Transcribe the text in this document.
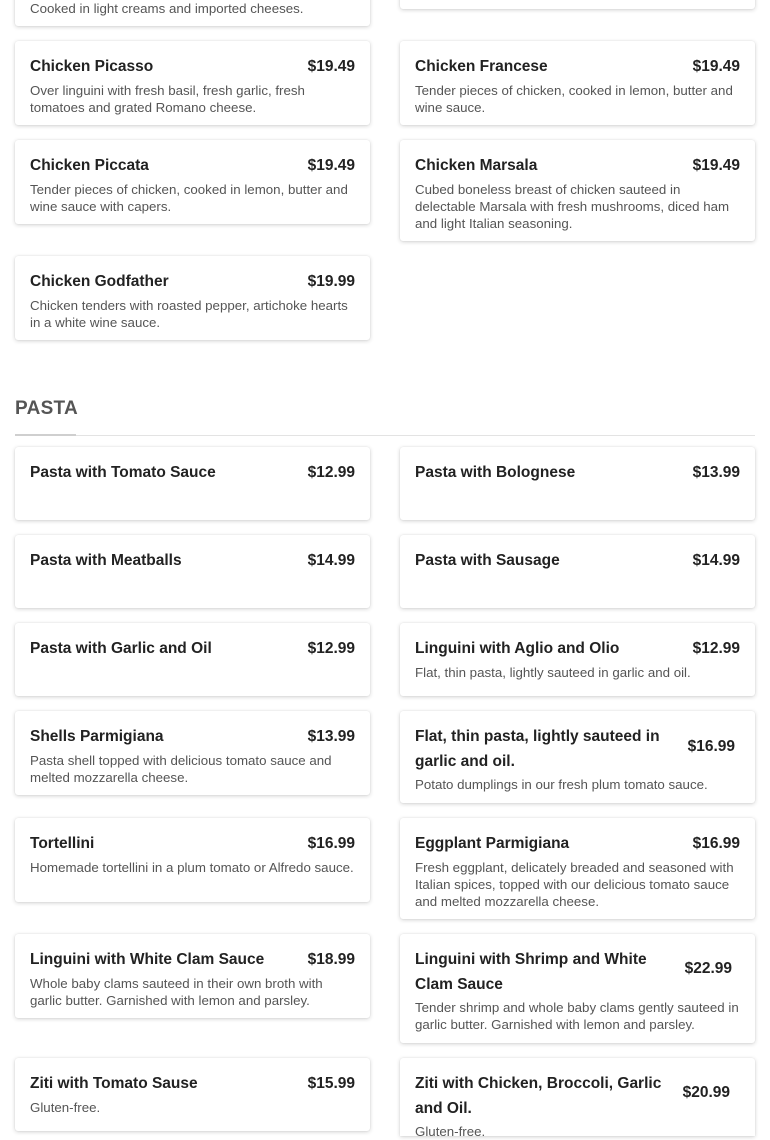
Cooked in light creams and imported cheeses.
Chicken Picasso	$19.49
Over linguini with fresh basil, fresh garlic, fresh tomatoes and grated Romano cheese.
Chicken Francese	$19.49
Tender pieces of chicken, cooked in lemon, butter and wine sauce.
Chicken Piccata	$19.49
Tender pieces of chicken, cooked in lemon, butter and wine sauce with capers.
Chicken Marsala	$19.49
Cubed boneless breast of chicken sauteed in delectable Marsala with fresh mushrooms, diced ham and light Italian seasoning.
Chicken Godfather	$19.99
Chicken tenders with roasted pepper, artichoke hearts in a white wine sauce.
PASTA
Pasta with Tomato Sauce	$12.99	Pasta with Bolognese	$13.99
Pasta with Meatballs	$14.99	Pasta with Sausage	$14.99
Pasta with Garlic and Oil	$12.99	Linguini with Aglio and Olio	$12.99
Flat, thin pasta, lightly sauteed in garlic and oil.
Shells Parmigiana	$13.99
Pasta shell topped with delicious tomato sauce and melted mozzarella cheese.
Flat, thin pasta, lightly sauteed in garlic and oil.
$16.99
Potato dumplings in our fresh plum tomato sauce.
Tortellini	$16.99
Homemade tortellini in a plum tomato or Alfredo sauce.
Eggplant Parmigiana	$16.99
Fresh eggplant, delicately breaded and seasoned with Italian spices, topped with our delicious tomato sauce and melted mozzarella cheese.
Linguini with White Clam Sauce	$18.99
Whole baby clams sauteed in their own broth with garlic butter. Garnished with lemon and parsley.
Linguini with Shrimp and White Clam Sauce
$22.99
Tender shrimp and whole baby clams gently sauteed in garlic butter. Garnished with lemon and parsley.
Ziti with Tomato Sause	$15.99
Gluten-free.
Ziti with Chicken, Broccoli, Garlic and Oil.
$20.99
Gluten-free.
